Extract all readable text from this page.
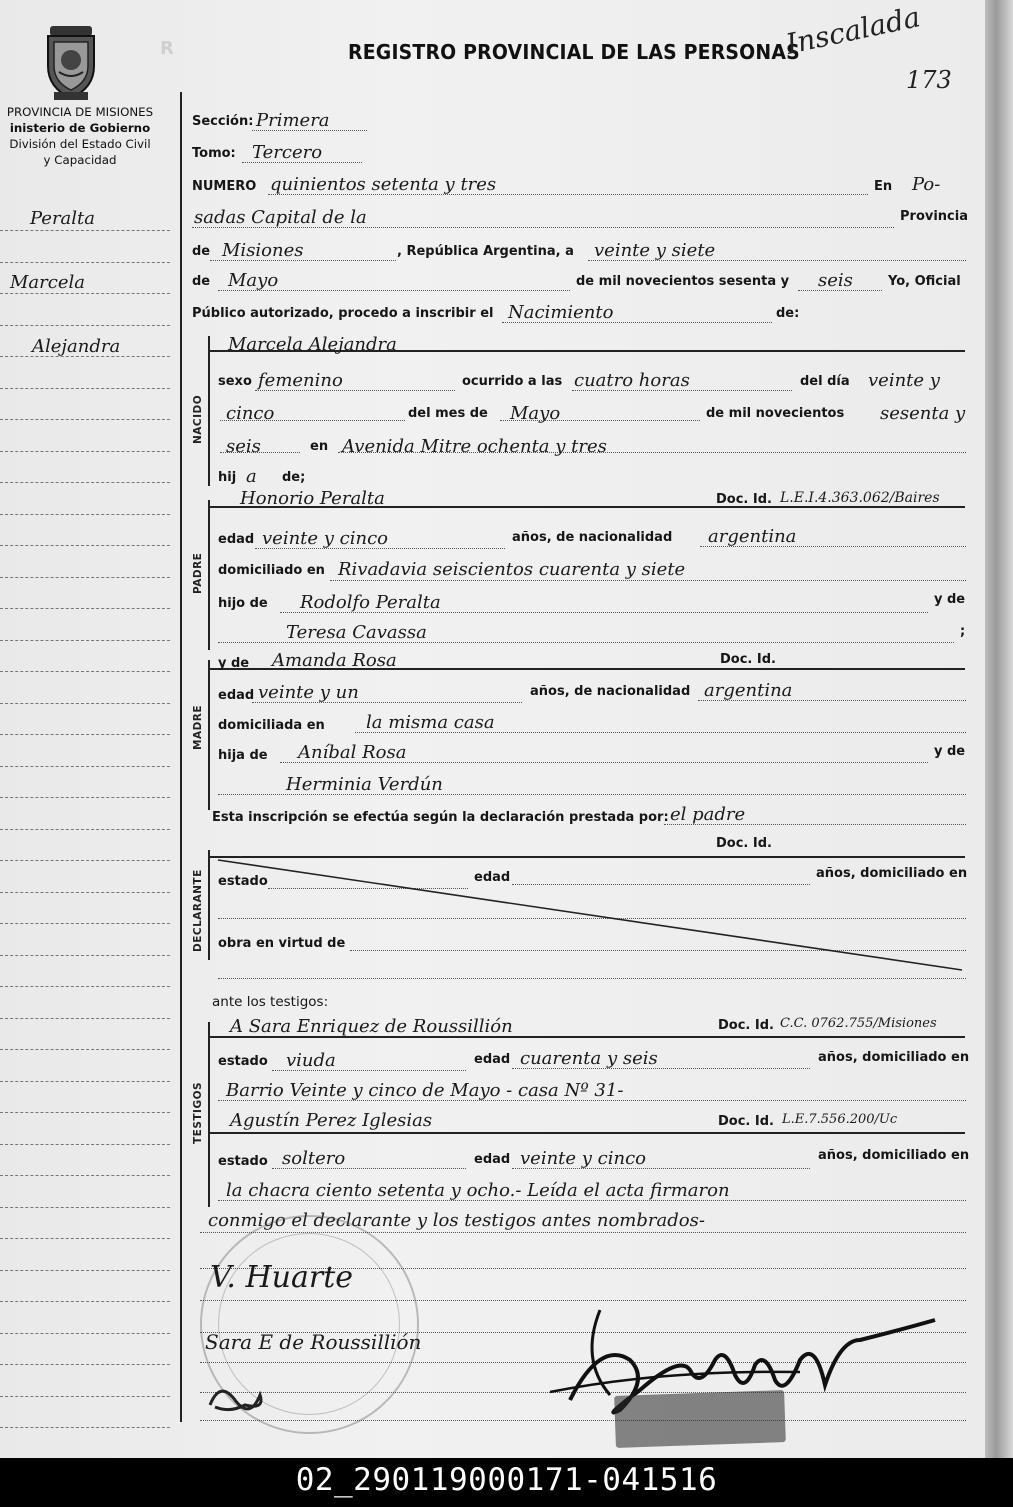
R
PROVINCIA DE MISIONES
inisterio de Gobierno
División del Estado Civil
y Capacidad
REGISTRO PROVINCIAL DE LAS PERSONAS
Inscalada
173
Peralta
Marcela
Alejandra
Sección: Primera
Tomo: Tercero
NUMERO quinientos setenta y tres	En Po-
sadas Capital de la	Provincia
de Misiones	, República Argentina, a veinte y siete
de Mayo	de mil novecientos sesenta y seis	Yo, Oficial
Público autorizado, procedo a inscribir el Nacimiento	de:
NACIDO
Marcela Alejandra
sexo femenino	ocurrido a las cuatro horas	del día veinte y
cinco	del mes de Mayo	de mil novecientos sesenta y
seis	en Avenida Mitre ochenta y tres
hij a de;
PADRE
Honorio Peralta	Doc. Id. L.E.I.4.363.062/Baires
edad veinte y cinco	años, de nacionalidad argentina
domiciliado en Rivadavia seiscientos cuarenta y siete
hijo de Rodolfo Peralta	y de
Teresa Cavassa	;
MADRE
y de Amanda Rosa	Doc. Id.
edad veinte y un	años, de nacionalidad argentina
domiciliada en la misma casa
hija de Aníbal Rosa	y de
Herminia Verdún
Esta inscripción se efectúa según la declaración prestada por: el padre
Doc. Id.
DECLARANTE estado	edad	años, domiciliado en
obra en virtud de
ante los testigos:
TESTIGOS
A Sara Enriquez de Roussillión	Doc. Id. C.C. 0762.755/Misiones
estado viuda	edad cuarenta y seis	años, domiciliado en
Barrio Veinte y cinco de Mayo - casa Nº 31-
Agustín Perez Iglesias	Doc. Id. L.E.7.556.200/Uc
estado soltero	edad veinte y cinco	años, domiciliado en
la chacra ciento setenta y ocho.- Leída el acta firmaron
conmigo el declarante y los testigos antes nombrados-
V. Huarte
Sara E de Roussillión
02_290119000171-041516
